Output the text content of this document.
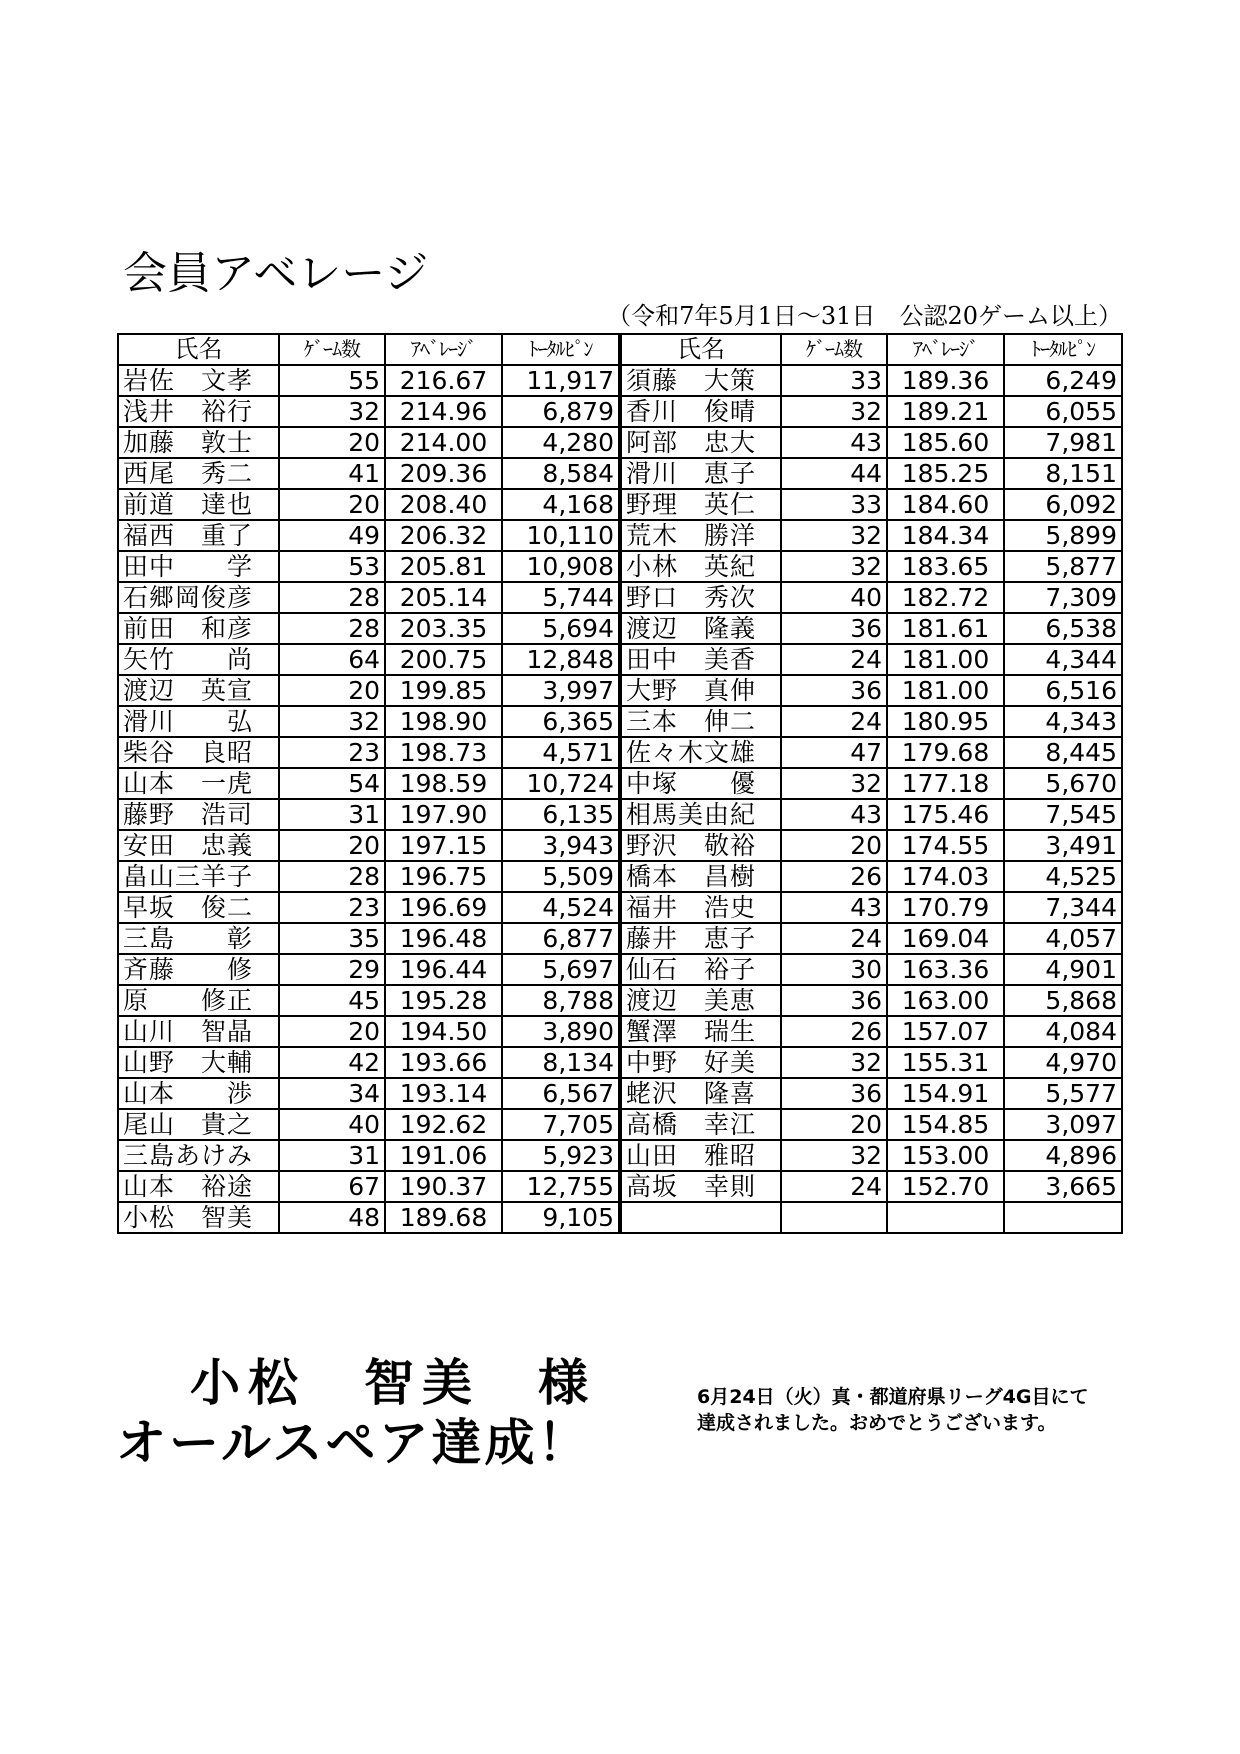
会員アベレージ
（令和7年5月1日～31日　公認20ゲーム以上）
氏名	ｹﾞｰﾑ数	ｱﾍﾞﾚｰｼﾞ	ﾄｰﾀﾙﾋﾟﾝ	氏名	ｹﾞｰﾑ数	ｱﾍﾞﾚｰｼﾞ	ﾄｰﾀﾙﾋﾟﾝ
岩佐　文孝	55	216.67	11,917	須藤　大策	33	189.36	6,249
浅井　裕行	32	214.96	6,879	香川　俊晴	32	189.21	6,055
加藤　敦士	20	214.00	4,280	阿部　忠大	43	185.60	7,981
西尾　秀二	41	209.36	8,584	滑川　恵子	44	185.25	8,151
前道　達也	20	208.40	4,168	野理　英仁	33	184.60	6,092
福西　重了	49	206.32	10,110	荒木　勝洋	32	184.34	5,899
田中　　学	53	205.81	10,908	小林　英紀	32	183.65	5,877
石郷岡俊彦	28	205.14	5,744	野口　秀次	40	182.72	7,309
前田　和彦	28	203.35	5,694	渡辺　隆義	36	181.61	6,538
矢竹　　尚	64	200.75	12,848	田中　美香	24	181.00	4,344
渡辺　英宣	20	199.85	3,997	大野　真伸	36	181.00	6,516
滑川　　弘	32	198.90	6,365	三本　伸二	24	180.95	4,343
柴谷　良昭	23	198.73	4,571	佐々木文雄	47	179.68	8,445
山本　一虎	54	198.59	10,724	中塚　　優	32	177.18	5,670
藤野　浩司	31	197.90	6,135	相馬美由紀	43	175.46	7,545
安田　忠義	20	197.15	3,943	野沢　敬裕	20	174.55	3,491
畠山三羊子	28	196.75	5,509	橋本　昌樹	26	174.03	4,525
早坂　俊二	23	196.69	4,524	福井　浩史	43	170.79	7,344
三島　　彰	35	196.48	6,877	藤井　恵子	24	169.04	4,057
斉藤　　修	29	196.44	5,697	仙石　裕子	30	163.36	4,901
原　　修正	45	195.28	8,788	渡辺　美恵	36	163.00	5,868
山川　智晶	20	194.50	3,890	蟹澤　瑞生	26	157.07	4,084
山野　大輔	42	193.66	8,134	中野　好美	32	155.31	4,970
山本　　渉	34	193.14	6,567	蛯沢　隆喜	36	154.91	5,577
尾山　貴之	40	192.62	7,705	高橋　幸江	20	154.85	3,097
三島あけみ	31	191.06	5,923	山田　雅昭	32	153.00	4,896
山本　裕途	67	190.37	12,755	高坂　幸則	24	152.70	3,665
小松　智美	48	189.68	9,105				
小松　智美　様
オールスペア達成！
6月24日（火）真・都道府県リーグ4G目にて達成されました。おめでとうございます。
